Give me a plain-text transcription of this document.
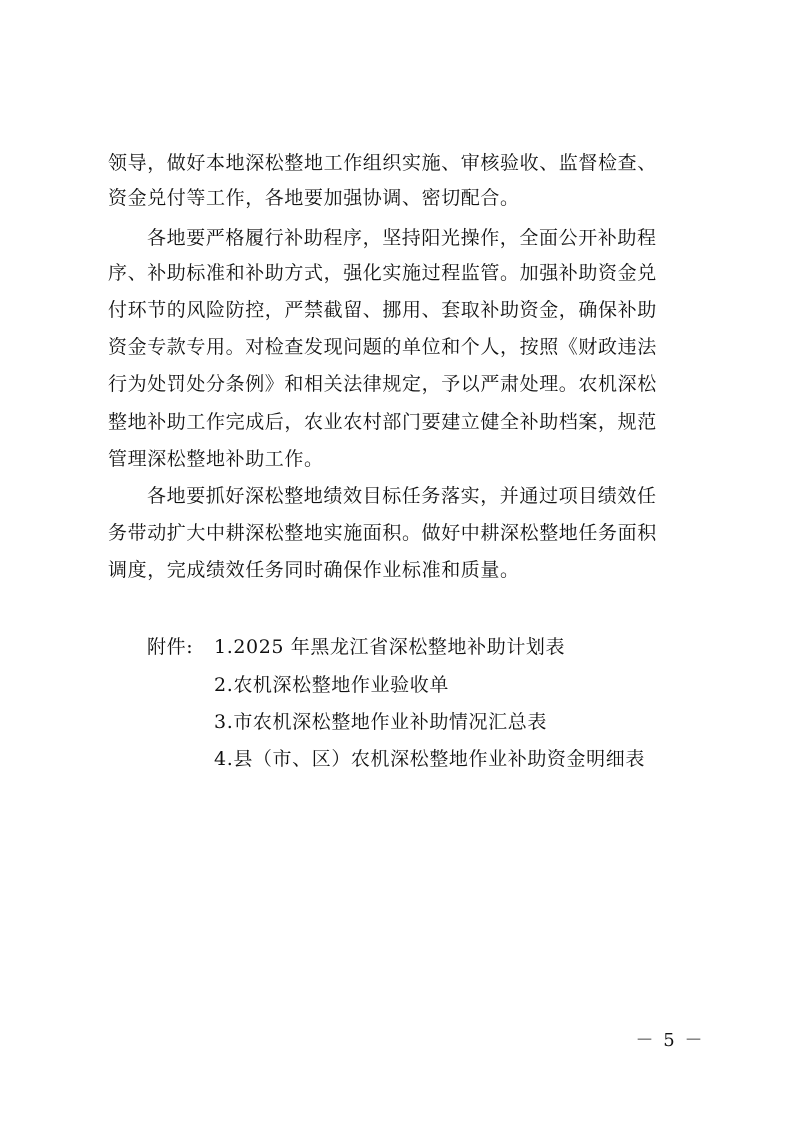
领导，做好本地深松整地工作组织实施、审核验收、监督检查、
资金兑付等工作，各地要加强协调、密切配合。
各地要严格履行补助程序，坚持阳光操作，全面公开补助程
序、补助标准和补助方式，强化实施过程监管。加强补助资金兑
付环节的风险防控，严禁截留、挪用、套取补助资金，确保补助
资金专款专用。对检查发现问题的单位和个人，按照《财政违法
行为处罚处分条例》和相关法律规定，予以严肃处理。农机深松
整地补助工作完成后，农业农村部门要建立健全补助档案，规范
管理深松整地补助工作。
各地要抓好深松整地绩效目标任务落实，并通过项目绩效任
务带动扩大中耕深松整地实施面积。做好中耕深松整地任务面积
调度，完成绩效任务同时确保作业标准和质量。
附件:	1.2025 年黑龙江省深松整地补助计划表
2.农机深松整地作业验收单
3.市农机深松整地作业补助情况汇总表
4.县（市、区）农机深松整地作业补助资金明细表
－ 5 －
